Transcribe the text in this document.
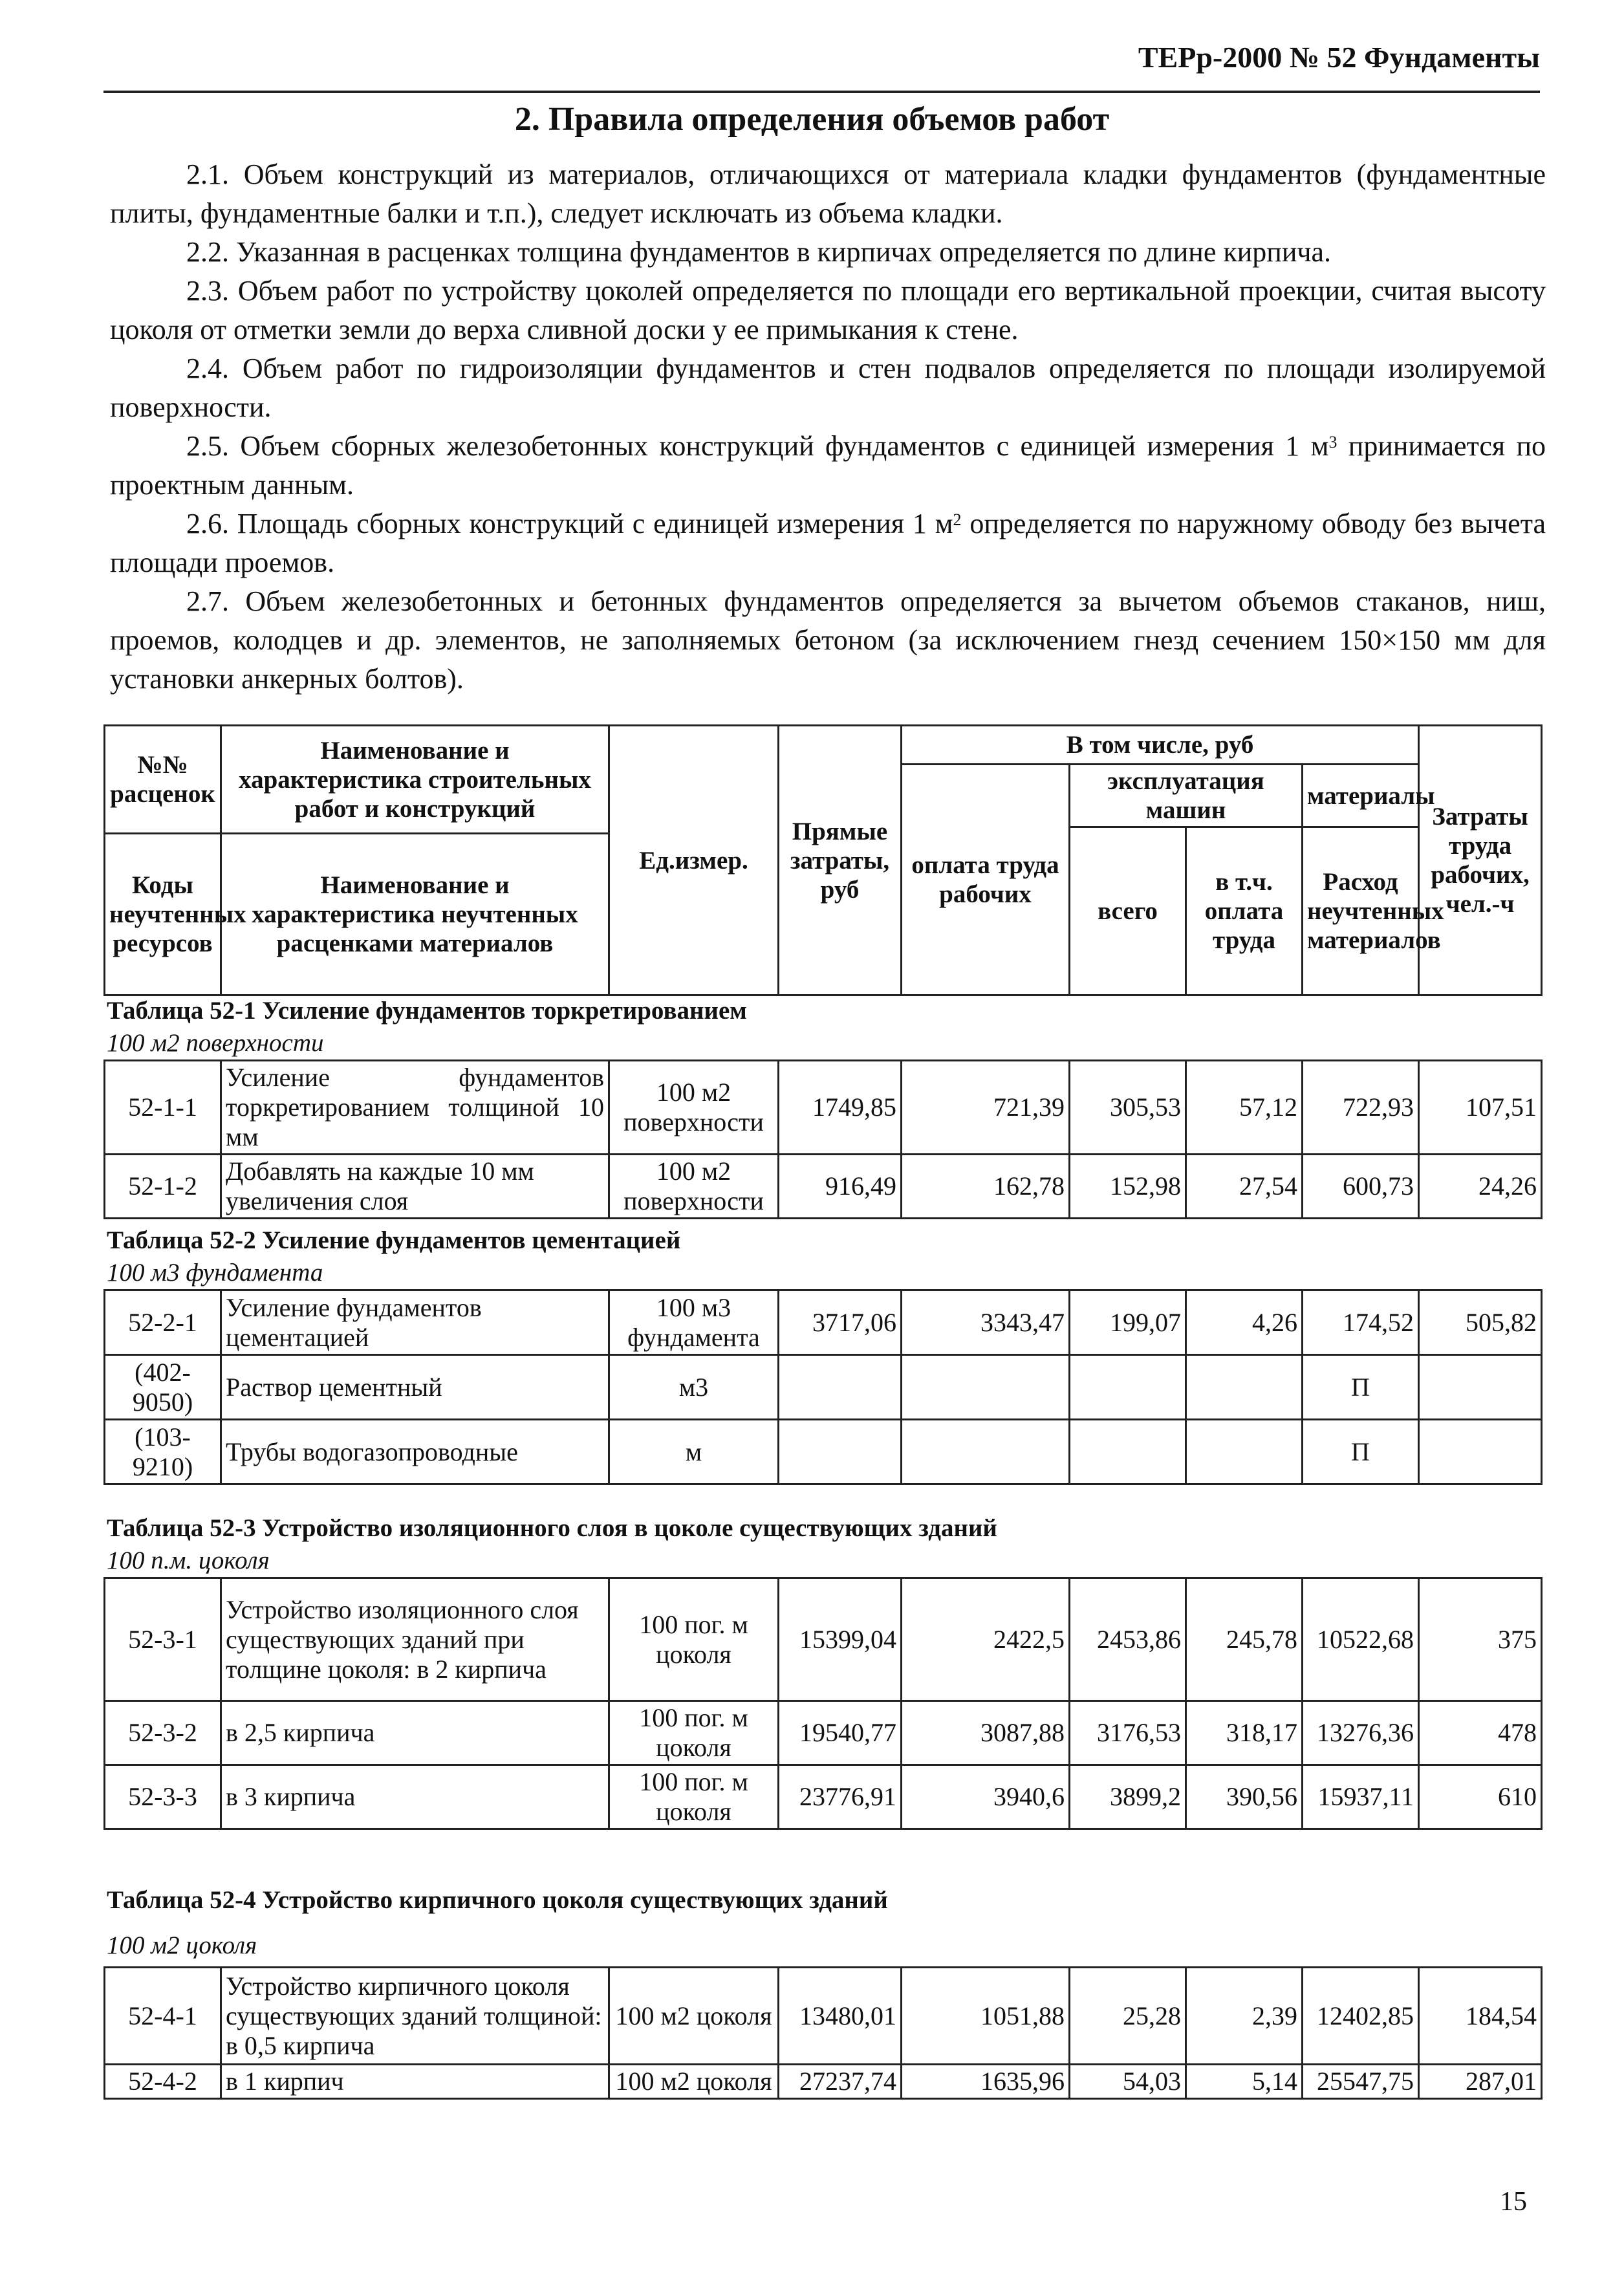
ТЕРр-2000 № 52 Фундаменты
2. Правила определения объемов работ

2.1. Объем конструкций из материалов, отличающихся от материала кладки фундаментов (фундаментные плиты, фундаментные балки и т.п.), следует исключать из объема кладки.

2.2. Указанная в расценках толщина фундаментов в кирпичах определяется по длине кирпича.

2.3. Объем работ по устройству цоколей определяется по площади его вертикальной проекции, считая высоту цоколя от отметки земли до верха сливной доски у ее примыкания к стене.

2.4. Объем работ по гидроизоляции фундаментов и стен подвалов определяется по площади изолируемой поверхности.

2.5. Объем сборных железобетонных конструкций фундаментов с единицей измерения 1 $м^3$ принимается по проектным данным.

2.6. Площадь сборных конструкций с единицей измерения 1 $м^2$ определяется по наружному обводу без вычета площади проемов.

2.7. Объем железобетонных и бетонных фундаментов определяется за вычетом объемов стаканов, ниш, проемов, колодцев и др. элементов, не заполняемых бетоном (за исключением гнезд сечением 150×150 мм для установки анкерных болтов).

№№ расценок	Наименование и характеристика строительных работ и конструкций	Ед.измер.	Прямые затраты, руб	В том числе, руб				Затраты труда рабочих, чел.-ч
				оплата труда рабочих	эксплуатация машин		материалы	
					всего	в т.ч. оплата труда	Расход неучтенных материалов	
Коды неучтенных ресурсов	Наименование и характеристика неучтенных расценками материалов							

Таблица 52-1 Усиление фундаментов торкретированием
100 м2 поверхности
52-1-1	Усиление фундаментов торкретированием толщиной 10 мм	100 м2 поверхности	1749,85	721,39	305,53	57,12	722,93	107,51
52-1-2	Добавлять на каждые 10 мм увеличения слоя	100 м2 поверхности	916,49	162,78	152,98	27,54	600,73	24,26
Таблица 52-2 Усиление фундаментов цементацией
100 м3 фундамента
52-2-1	Усиление фундаментов цементацией	100 м3 фундамента	3717,06	3343,47	199,07	4,26	174,52	505,82
(402-9050)	Раствор цементный	м3					П	
(103-9210)	Трубы водогазопроводные	м					П	
Таблица 52-3 Устройство изоляционного слоя в цоколе существующих зданий
100 п.м. цоколя
52-3-1	Устройство изоляционного слоя существующих зданий при толщине цоколя: в 2 кирпича	100 пог. м цоколя	15399,04	2422,5	2453,86	245,78	10522,68	375
52-3-2	в 2,5 кирпича	100 пог. м цоколя	19540,77	3087,88	3176,53	318,17	13276,36	478
52-3-3	в 3 кирпича	100 пог. м цоколя	23776,91	3940,6	3899,2	390,56	15937,11	610
Таблица 52-4 Устройство кирпичного цоколя существующих зданий
100 м2 цоколя
52-4-1	Устройство кирпичного цоколя существующих зданий толщиной: в 0,5 кирпича	100 м2 цоколя	13480,01	1051,88	25,28	2,39	12402,85	184,54
52-4-2	в 1 кирпич	100 м2 цоколя	27237,74	1635,96	54,03	5,14	25547,75	287,01
15
